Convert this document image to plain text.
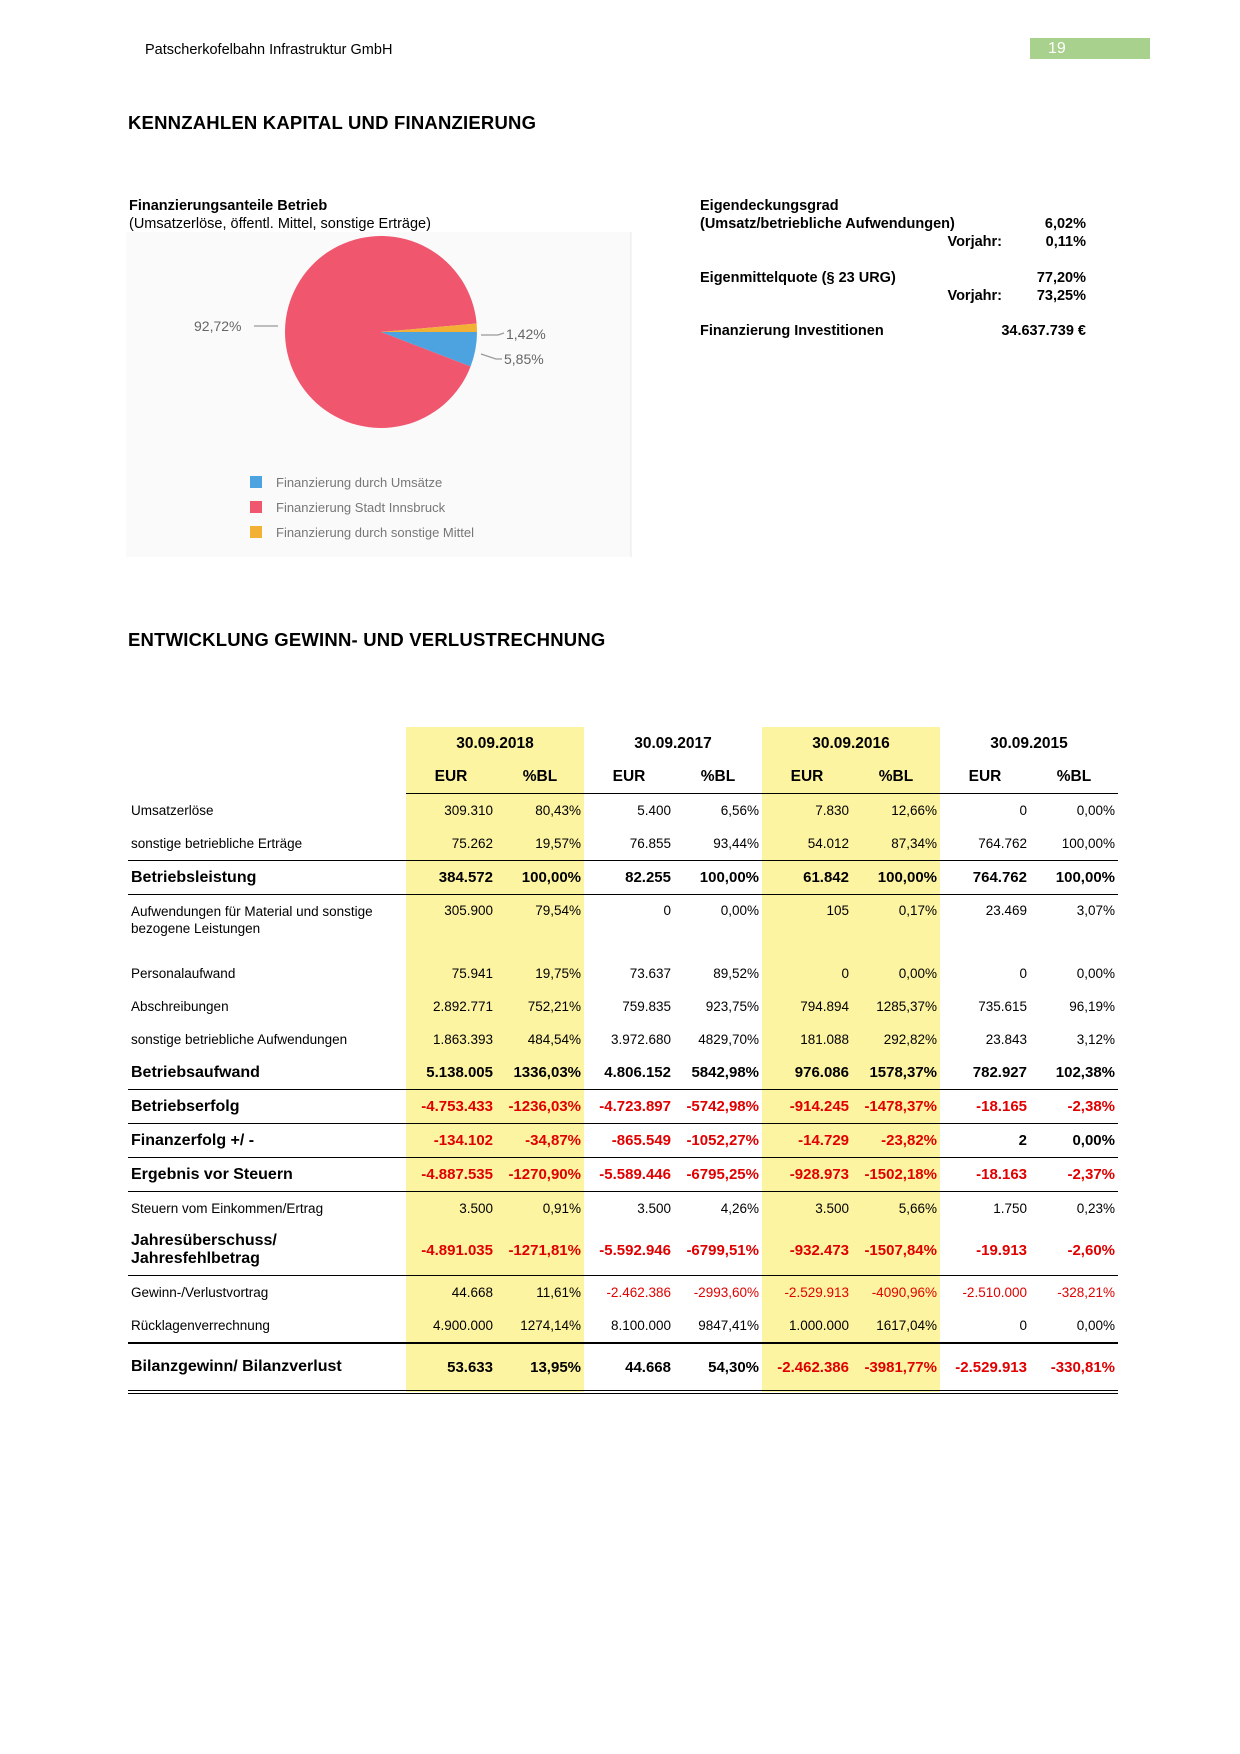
Patscherkofelbahn Infrastruktur GmbH	19
KENNZAHLEN KAPITAL UND FINANZIERUNG
Finanzierungsanteile Betrieb
(Umsatzerlöse, öffentl. Mittel, sonstige Erträge)
92,72%	1,42%
5,85%
Finanzierung durch Umsätze
Finanzierung Stadt Innsbruck
Finanzierung durch sonstige Mittel
Eigendeckungsgrad
(Umsatz/betriebliche Aufwendungen)	6,02%
Vorjahr:	0,11%
Eigenmittelquote (§ 23 URG)	77,20%
Vorjahr: 73,25%
Finanzierung Investitionen	34.637.739 €
ENTWICKLUNG GEWINN- UND VERLUSTRECHNUNG
	30.09.2018		30.09.2017		30.09.2016		30.09.2015	
	EUR	%BL	EUR	%BL	EUR	%BL	EUR	%BL
Umsatzerlöse	309.310	80,43%	5.400	6,56%	7.830	12,66%	0	0,00%
sonstige betriebliche Erträge	75.262	19,57%	76.855	93,44%	54.012	87,34%	764.762	100,00%
Betriebsleistung	384.572	100,00%	82.255	100,00%	61.842	100,00%	764.762	100,00%
Aufwendungen für Material und sonstige bezogene Leistungen	305.900	79,54%	0	0,00%	105	0,17%	23.469	3,07%
Personalaufwand	75.941	19,75%	73.637	89,52%	0	0,00%	0	0,00%
Abschreibungen	2.892.771	752,21%	759.835	923,75%	794.894	1285,37%	735.615	96,19%
sonstige betriebliche Aufwendungen	1.863.393	484,54%	3.972.680	4829,70%	181.088	292,82%	23.843	3,12%
Betriebsaufwand	5.138.005	1336,03%	4.806.152	5842,98%	976.086	1578,37%	782.927	102,38%
Betriebserfolg	-4.753.433	-1236,03%	-4.723.897	-5742,98%	-914.245	-1478,37%	-18.165	-2,38%
Finanzerfolg +/ -	-134.102	-34,87%	-865.549	-1052,27%	-14.729	-23,82%	2	0,00%
Ergebnis vor Steuern	-4.887.535	-1270,90%	-5.589.446	-6795,25%	-928.973	-1502,18%	-18.163	-2,37%
Steuern vom Einkommen/Ertrag	3.500	0,91%	3.500	4,26%	3.500	5,66%	1.750	0,23%

Jahresüberschuss/
Jahresfehlbetrag	-4.891.035	-1271,81%	-5.592.946	-6799,51%	-932.473	-1507,84%	-19.913	-2,60%
Gewinn-/Verlustvortrag	44.668	11,61%	-2.462.386	-2993,60%	-2.529.913	-4090,96%	-2.510.000	-328,21%
Rücklagenverrechnung	4.900.000	1274,14%	8.100.000	9847,41%	1.000.000	1617,04%	0	0,00%
Bilanzgewinn/ Bilanzverlust	53.633	13,95%	44.668	54,30%	-2.462.386	-3981,77%	-2.529.913	-330,81%
